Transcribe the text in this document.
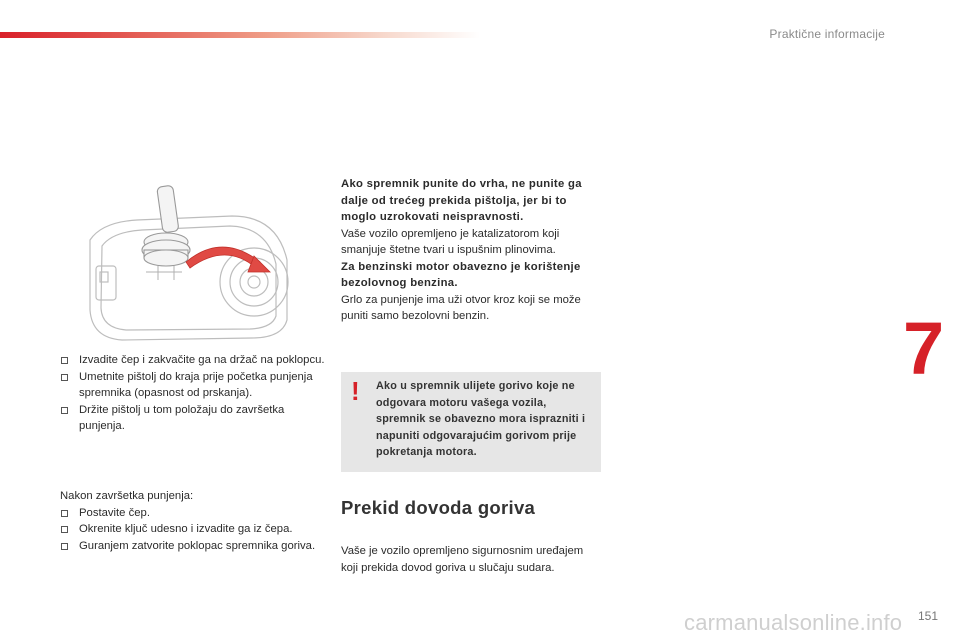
Praktične informacije
7
Izvadite čep i zakvačite ga na držač na poklopcu.
Umetnite pištolj do kraja prije početka punjenja spremnika (opasnost od prskanja).
Držite pištolj u tom položaju do završetka punjenja.

Nakon završetka punjenja:

Postavite čep.
Okrenite ključ udesno i izvadite ga iz čepa.
Guranjem zatvorite poklopac spremnika goriva.

Ako spremnik punite do vrha, ne punite ga dalje od trećeg prekida pištolja, jer bi to moglo uzrokovati neispravnosti.

Vaše vozilo opremljeno je katalizatorom koji smanjuje štetne tvari u ispušnim plinovima.

Za benzinski motor obavezno je korištenje bezolovnog benzina.

Grlo za punjenje ima uži otvor kroz koji se može puniti samo bezolovni benzin.

! Ako u spremnik ulijete gorivo koje ne odgovara motoru vašega vozila, spremnik se obavezno mora isprazniti i napuniti odgovarajućim gorivom prije pokretanja motora.
Prekid dovoda goriva
Vaše je vozilo opremljeno sigurnosnim uređajem koji prekida dovod goriva u slučaju sudara.
carmanualsonline.info 151
